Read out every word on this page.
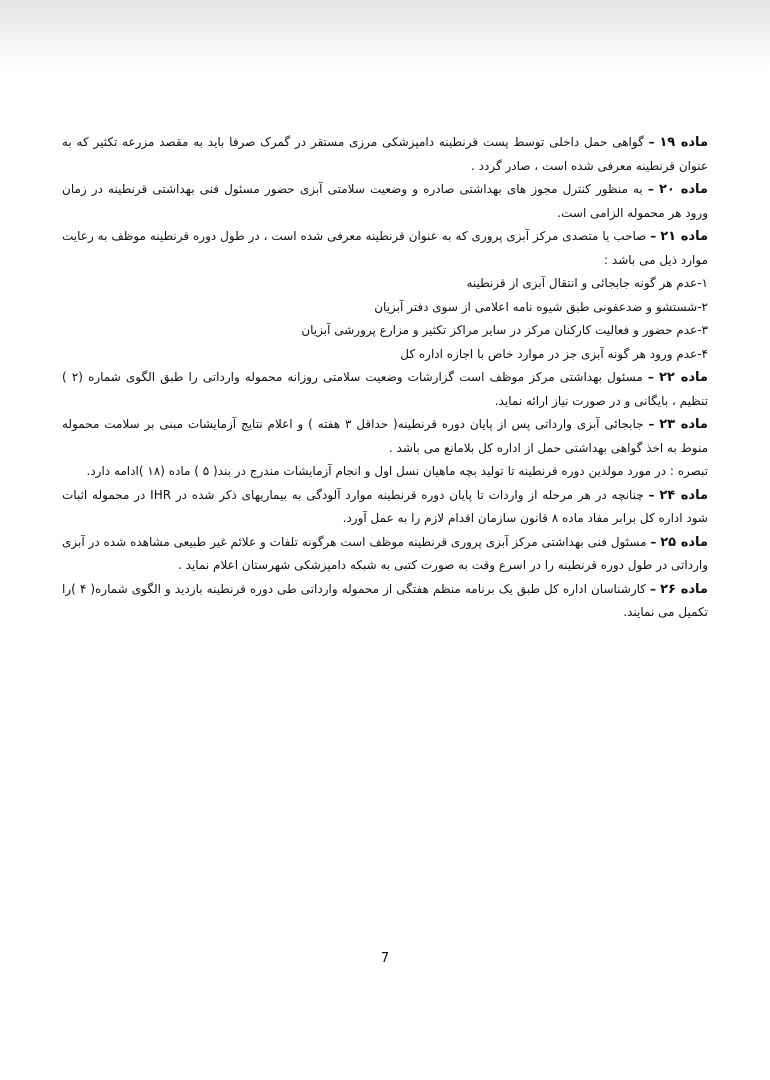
ماده ۱۹ – گواهی حمل داخلی توسط پست قرنطینه دامپزشکی مرزی مستقر در گمرک صرفا باید به مقصد مزرعه تکثیر که به عنوان قرنطینه معرفی شده است ، صادر گردد .

ماده ۲۰ – به منظور کنترل مجوز های بهداشتی صادره و وضعیت سلامتی آبزی حضور مسئول فنی بهداشتی قرنطینه در زمان ورود هر محموله الزامی است.

ماده ۲۱ – صاحب یا متصدی مرکز آبزی پروری که به عنوان قرنطینه معرفی شده است ، در طول دوره قرنطینه موظف به رعایت موارد ذیل می باشد :

۱-عدم هر گونه جابجائی و انتقال آبزی از قرنطینه

۲-شستشو و ضدعفونی طبق شیوه نامه اعلامی از سوی دفتر آبزیان

۳-عدم حضور و فعالیت کارکنان مرکز در سایر مراکز تکثیر و مزارع پرورشی آبزیان

۴-عدم ورود هر گونه آبزی جز در موارد خاص با اجازه اداره کل

ماده ۲۲ – مسئول بهداشتی مرکز موظف است گزارشات وضعیت سلامتی روزانه محموله وارداتی را طبق الگوی شماره (۲ ) تنظیم ، بایگانی و در صورت نیاز ارائه نماید.

ماده ۲۳ – جابجائی آبزی وارداتی پس از پایان دوره قرنطینه( حداقل ۳ هفته ) و اعلام نتایج آزمایشات مبنی بر سلامت محموله منوط به اخذ گواهی بهداشتی حمل از اداره کل بلامانع می باشد .

تبصره : در مورد مولدین دوره قرنطینه تا تولید بچه ماهیان نسل اول و انجام آزمایشات مندرج در بند( ۵ ) ماده (۱۸ )ادامه دارد.

ماده ۲۴ – چنانچه در هر مرحله از واردات تا پایان دوره قرنطینه موارد آلودگی به بیماریهای ذکر شده در IHR در محموله اثبات شود اداره کل برابر مفاد ماده ۸ قانون سازمان اقدام لازم را به عمل آورد.

ماده ۲۵ – مسئول فنی بهداشتی مرکز آبزی پروری قرنطینه موظف است هرگونه تلفات و علائم غیر طبیعی مشاهده شده در آبزی وارداتی در طول دوره قرنطینه را در اسرع وقت به صورت کتبی به شبکه دامپزشکی شهرستان اعلام نماید .

ماده ۲۶ – کارشناسان اداره کل طبق یک برنامه منظم هفتگی از محموله وارداتی طی دوره قرنطینه بازدید و الگوی شماره( ۴ )را تکمیل می نمایند.

7
